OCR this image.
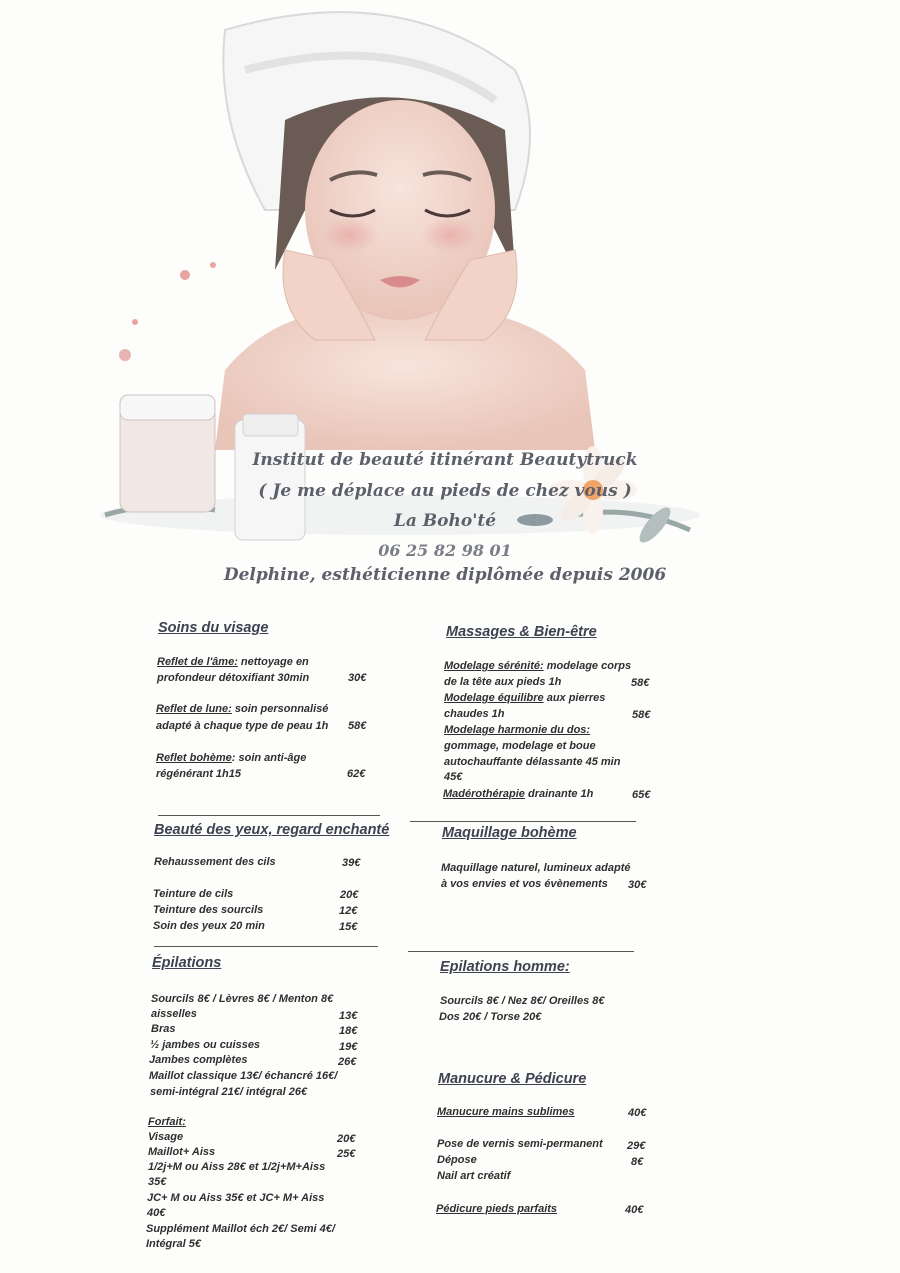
Institut de beauté itinérant Beautytruck
( Je me déplace au pieds de chez vous )
La Boho'té
06 25 82 98 01
Delphine, esthéticienne diplômée depuis 2006
Soins du visage
Reflet de l'âme: nettoyage en
profondeur détoxifiant 30min	30€
Reflet de lune: soin personnalisé
adapté à chaque type de peau 1h 58€
Reflet bohème: soin anti-âge
régénérant 1h15	62€
Massages & Bien-être
Modelage sérénité: modelage corps
de la tête aux pieds 1h	58€
Modelage équilibre aux pierres
chaudes 1h	58€
Modelage harmonie du dos:
gommage, modelage et boue
autochauffante délassante 45 min
45€
Madérothérapie drainante 1h	65€
Beauté des yeux, regard enchanté
Rehaussement des cils	39€
Teinture de cils	20€
Teinture des sourcils	12€
Soin des yeux 20 min	15€
Maquillage bohème
Maquillage naturel, lumineux adapté
à vos envies et vos évènements 30€
Épilations
Sourcils 8€ / Lèvres 8€ / Menton 8€
aisselles	13€
Bras	18€
½ jambes ou cuisses	19€
Jambes complètes	26€
Maillot classique 13€/ échancré 16€/
semi-intégral 21€/ intégral 26€
Forfait:
Visage	20€
Maillot+ Aiss	25€
1/2j+M ou Aiss 28€ et 1/2j+M+Aiss
35€
JC+ M ou Aiss 35€ et JC+ M+ Aiss
40€
Supplément Maillot éch 2€/ Semi 4€/
Intégral 5€
Epilations homme:
Sourcils 8€ / Nez 8€/ Oreilles 8€
Dos 20€ / Torse 20€
Manucure & Pédicure
Manucure mains sublimes	40€
Pose de vernis semi-permanent 29€
Dépose	8€
Nail art créatif
Pédicure pieds parfaits	40€
